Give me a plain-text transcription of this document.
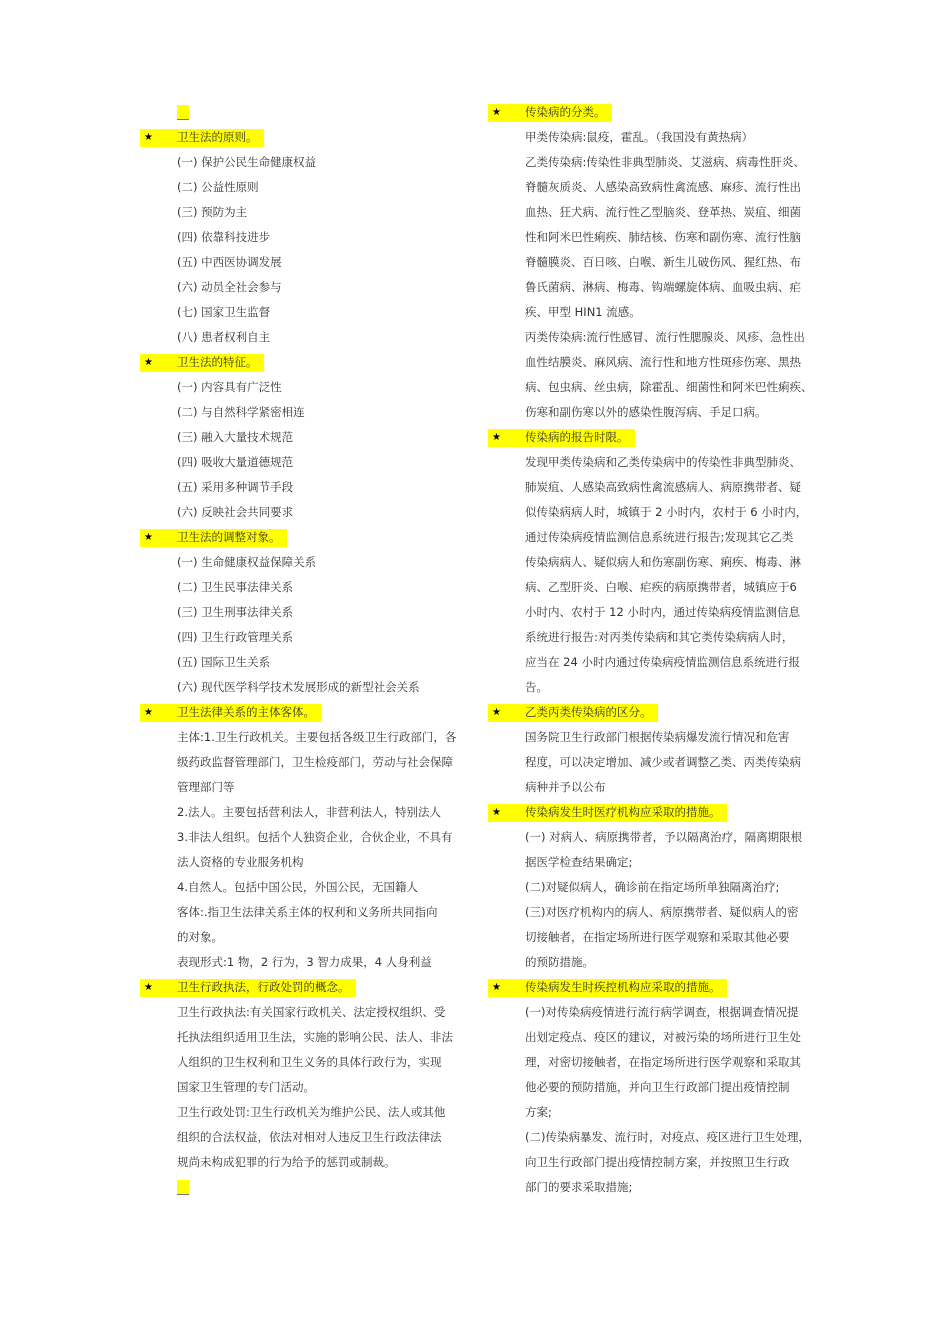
★ 卫生法的原则。
(一) 保护公民生命健康权益
(二) 公益性原则
(三) 预防为主
(四) 依靠科技进步
(五) 中西医协调发展
(六) 动员全社会参与
(七) 国家卫生监督
(八) 患者权利自主
★ 卫生法的特征。
(一) 内容具有广泛性
(二) 与自然科学紧密相连
(三) 融入大量技术规范
(四) 吸收大量道德规范
(五) 采用多种调节手段
(六) 反映社会共同要求
★ 卫生法的调整对象。
(一) 生命健康权益保障关系
(二) 卫生民事法律关系
(三) 卫生刑事法律关系
(四) 卫生行政管理关系
(五) 国际卫生关系
(六) 现代医学科学技术发展形成的新型社会关系
★ 卫生法律关系的主体客体。
主体:1.卫生行政机关。主要包括各级卫生行政部门，各
级药政监督管理部门，卫生检疫部门，劳动与社会保障
管理部门等
2.法人。主要包括营利法人，非营利法人，特别法人
3.非法人组织。包括个人独资企业，合伙企业，不具有
法人资格的专业服务机构
4.自然人。包括中国公民，外国公民，无国籍人
客体:.指卫生法律关系主体的权利和义务所共同指向
的对象。
表现形式:1 物，2 行为，3 智力成果，4 人身利益
★ 卫生行政执法，行政处罚的概念。
卫生行政执法:有关国家行政机关、法定授权组织、受
托执法组织适用卫生法，实施的影响公民、法人、非法
人组织的卫生权利和卫生义务的具体行政行为，实现
国家卫生管理的专门活动。
卫生行政处罚:卫生行政机关为维护公民、法人或其他
组织的合法权益，依法对相对人违反卫生行政法律法
规尚未构成犯罪的行为给予的惩罚或制裁。
★ 传染病的分类。
甲类传染病:鼠疫，霍乱。（我国没有黄热病）
乙类传染病:传染性非典型肺炎、艾滋病、病毒性肝炎、
脊髓灰质炎、人感染高致病性禽流感、麻疹、流行性出
血热、狂犬病、流行性乙型脑炎、登革热、炭疽、细菌
性和阿米巴性痢疾、肺结核、伤寒和副伤寒、流行性脑
脊髓膜炎、百日咳、白喉、新生儿破伤风、猩红热、布
鲁氏菌病、淋病、梅毒、钩端螺旋体病、血吸虫病、疟
疾、甲型 HIN1 流感。
丙类传染病:流行性感冒、流行性腮腺炎、风疹、急性出
血性结膜炎、麻风病、流行性和地方性斑疹伤寒、黑热
病、包虫病、丝虫病，除霍乱、细菌性和阿米巴性痢疾、
伤寒和副伤寒以外的感染性腹泻病、手足口病。
★ 传染病的报告时限。
发现甲类传染病和乙类传染病中的传染性非典型肺炎、
肺炭疽、人感染高致病性禽流感病人、病原携带者、疑
似传染病病人时，城镇于 2 小时内，农村于 6 小时内，
通过传染病疫情监测信息系统进行报告;发现其它乙类
传染病病人、疑似病人和伤寒副伤寒、痢疾、梅毒、淋
病、乙型肝炎、白喉、疟疾的病原携带者，城镇应于6
小时内、农村于 12 小时内，通过传染病疫情监测信息
系统进行报告:对丙类传染病和其它类传染病病人时，
应当在 24 小时内通过传染病疫情监测信息系统进行报
告。
★ 乙类丙类传染病的区分。
国务院卫生行政部门根据传染病爆发流行情况和危害
程度，可以决定增加、减少或者调整乙类、丙类传染病
病种并予以公布
★ 传染病发生时医疗机构应采取的措施。
(一) 对病人、病原携带者，予以隔离治疗，隔离期限根
据医学检查结果确定;
(二)对疑似病人，确诊前在指定场所单独隔离治疗;
(三)对医疗机构内的病人、病原携带者、疑似病人的密
切接触者，在指定场所进行医学观察和采取其他必要
的预防措施。
★ 传染病发生时疾控机构应采取的措施。
(一)对传染病疫情进行流行病学调查，根据调查情况提
出划定疫点、疫区的建议，对被污染的场所进行卫生处
理，对密切接触者，在指定场所进行医学观察和采取其
他必要的预防措施，并向卫生行政部门提出疫情控制
方案;
(二)传染病暴发、流行时，对疫点、疫区进行卫生处理，
向卫生行政部门提出疫情控制方案，并按照卫生行政
部门的要求采取措施;
